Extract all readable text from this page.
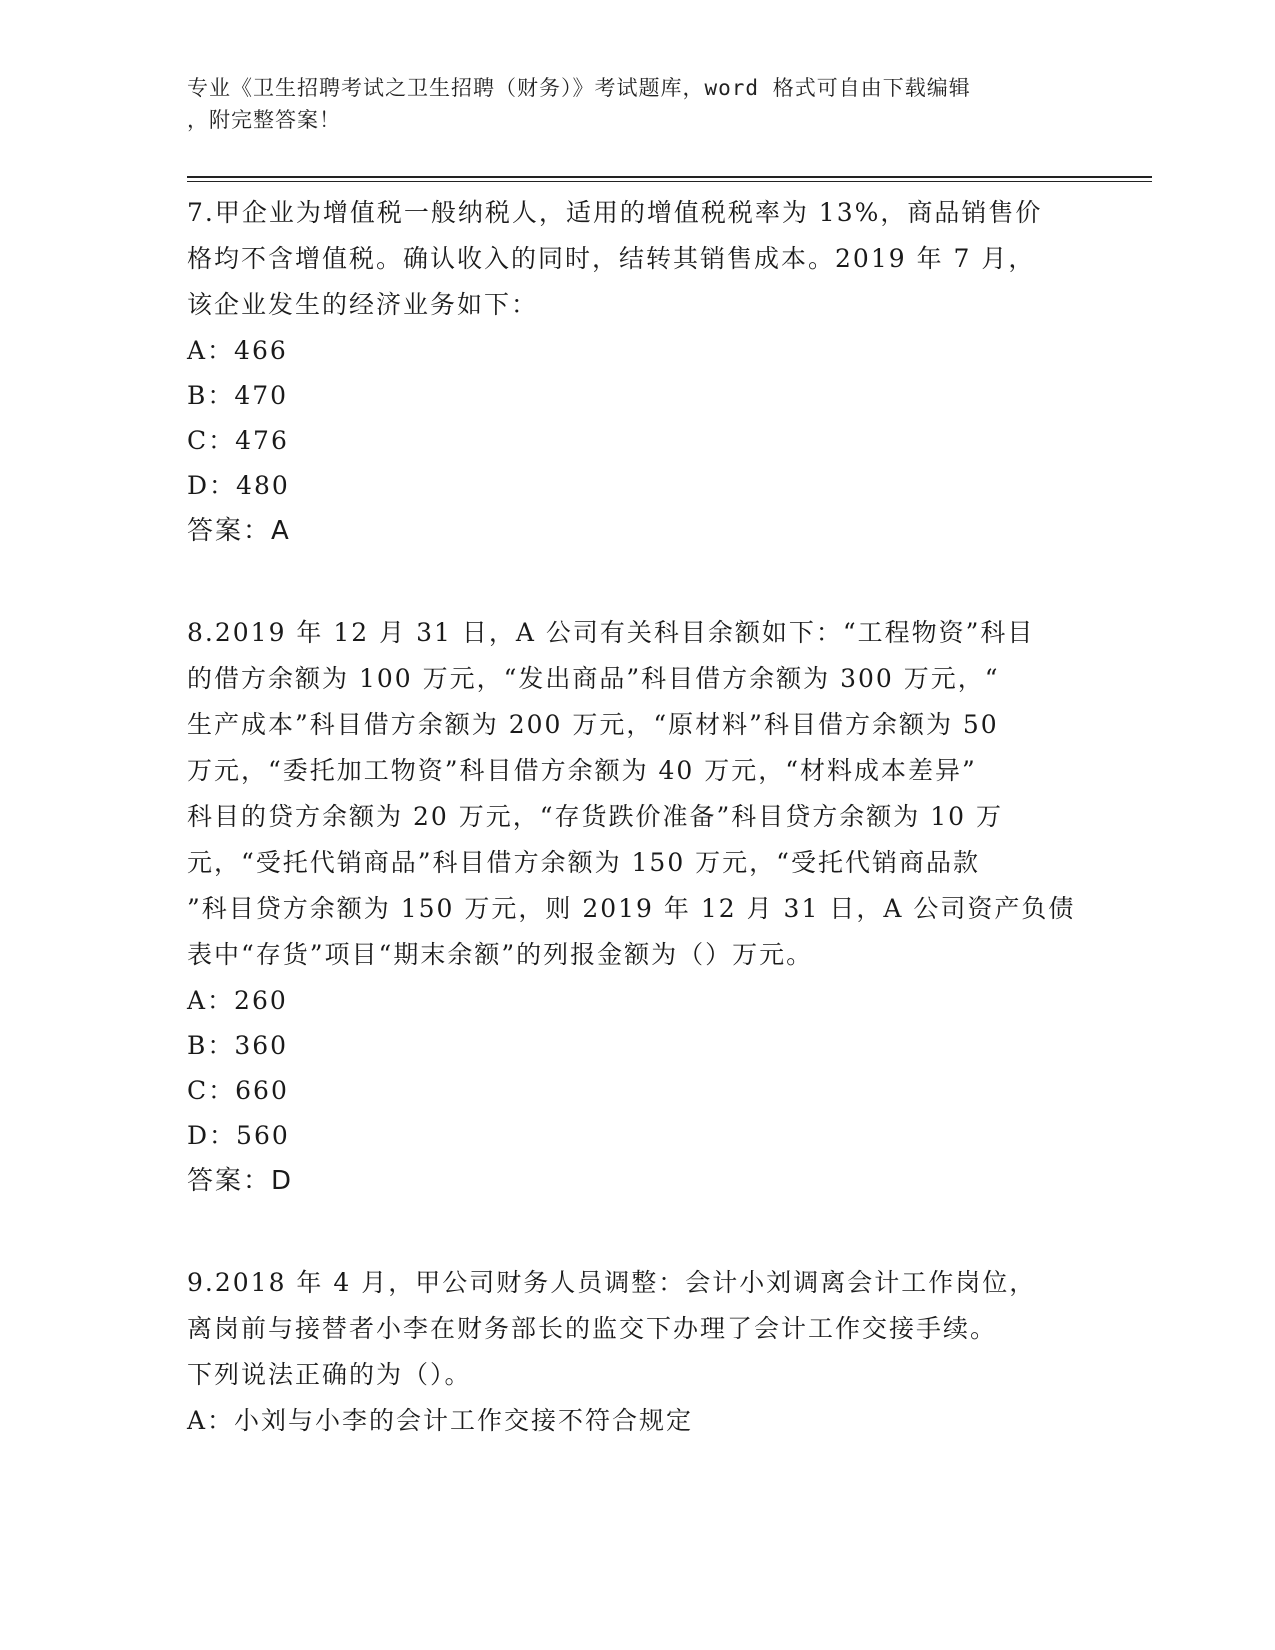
专业《卫生招聘考试之卫生招聘（财务）》考试题库，word 格式可自由下载编辑
，附完整答案！

7.甲企业为增值税一般纳税人，适用的增值税税率为 13%，商品销售价

格均不含增值税。确认收入的同时，结转其销售成本。2019 年 7 月，

该企业发生的经济业务如下：

A：466

B：470

C：476

D：480

答案：A

8.2019 年 12 月 31 日，A 公司有关科目余额如下：“工程物资”科目

的借方余额为 100 万元，“发出商品”科目借方余额为 300 万元，“

生产成本”科目借方余额为 200 万元，“原材料”科目借方余额为 50

万元，“委托加工物资”科目借方余额为 40 万元，“材料成本差异”

科目的贷方余额为 20 万元，“存货跌价准备”科目贷方余额为 10 万

元，“受托代销商品”科目借方余额为 150 万元，“受托代销商品款

”科目贷方余额为 150 万元，则 2019 年 12 月 31 日，A 公司资产负债

表中“存货”项目“期末余额”的列报金额为（）万元。

A：260

B：360

C：660

D：560

答案：D

9.2018 年 4 月，甲公司财务人员调整：会计小刘调离会计工作岗位，

离岗前与接替者小李在财务部长的监交下办理了会计工作交接手续。

下列说法正确的为（）。

A：小刘与小李的会计工作交接不符合规定
